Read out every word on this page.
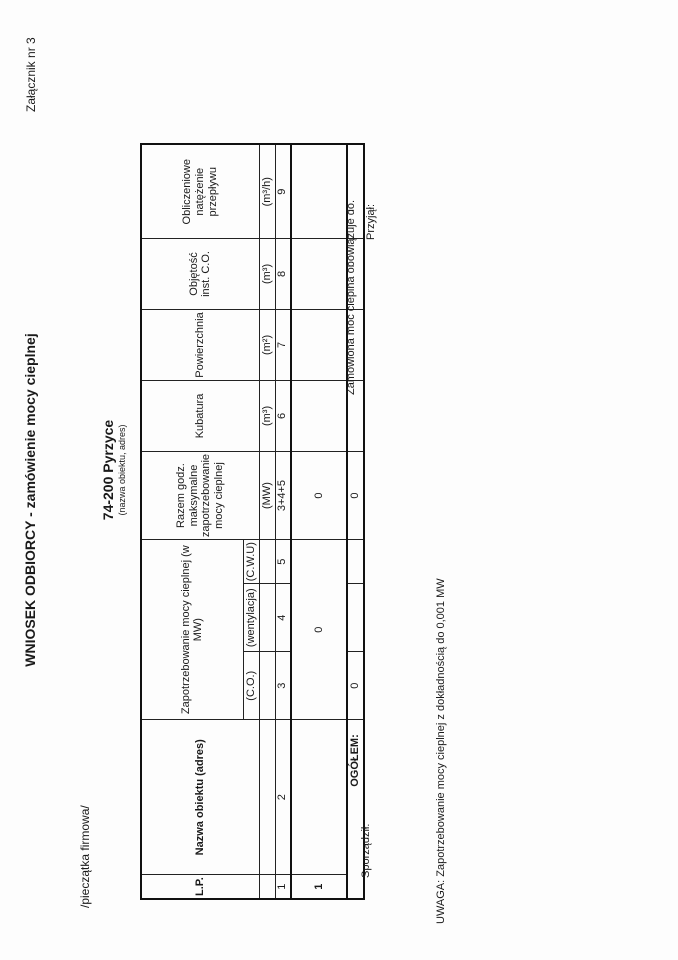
Załącznik nr 3
WNIOSEK ODBIORCY - zamówienie mocy cieplnej
/pieczątka firmowa/
74-200 Pyrzyce (nazwa obiektu, adres)
L.P.	Nazwa obiektu (adres)	Zapotrzebowanie mocy cieplnej (w MW)			Razem godz. maksymalne zapotrzebowanie mocy cieplnej	Kubatura	Powierzchnia	Objętość inst. C.O.	Obliczeniowe natężenie przepływu
		(C.O.)	(wentylacja)	(C.W.U)					
					(MW)	(m³)	(m²)	(m³)	(m³/h)
1	2	3	4	5	3+4+5	6	7	8	9
1		0			0				
OGÓŁEM:		0			0				
Zamówiona moc cieplna obowiązuje do. Przyjął:
Sporządził:	UWAGA: Zapotrzebowanie mocy cieplnej z dokładnością do 0,001 MW
